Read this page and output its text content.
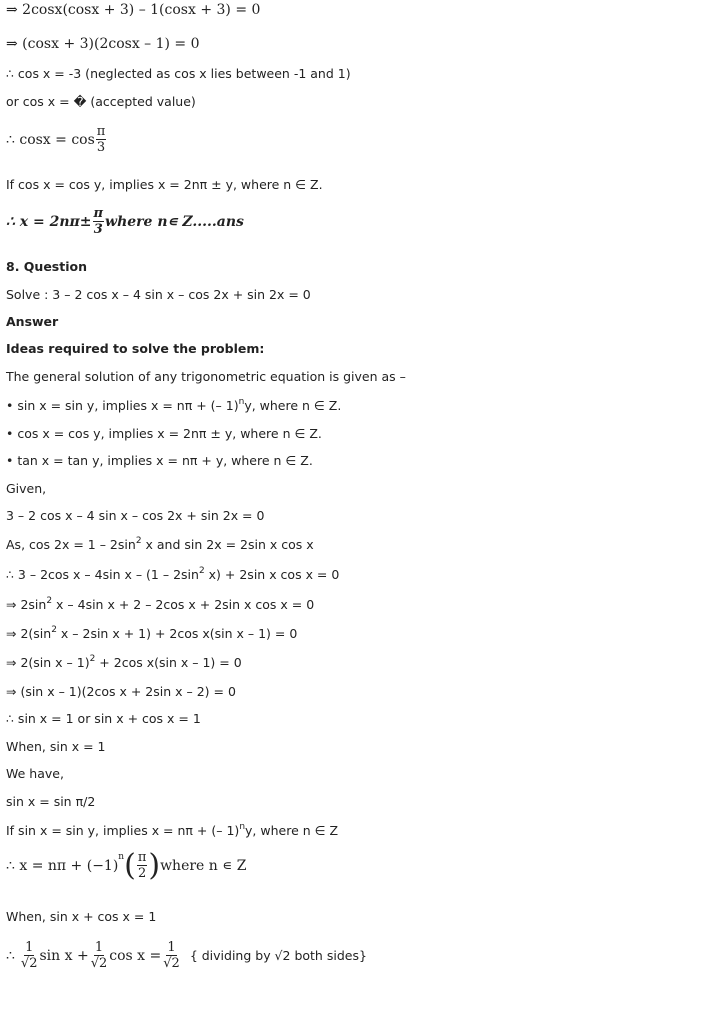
⇒ 2cosx(cosx + 3) – 1(cosx + 3) = 0
⇒ (cosx + 3)(2cosx – 1) = 0
∴ cos x = -3 (neglected as cos x lies between -1 and 1)
or cos x = � (accepted value)
∴ $\cos x = \cos \frac{\pi}{3}$
If cos x = cos y, implies x = 2nπ ± y, where n ∈ Z.
∴ $x = 2n\pi\pm \frac{\pi}{3}$ where n∊ Z.....ans
8. Question
Solve : 3 – 2 cos x – 4 sin x – cos 2x + sin 2x = 0
Answer
Ideas required to solve the problem:
The general solution of any trigonometric equation is given as –
• sin x = sin y, implies x = nπ + (– 1)$^n$y, where n ∈ Z.
• cos x = cos y, implies x = 2nπ ± y, where n ∈ Z.
• tan x = tan y, implies x = nπ + y, where n ∈ Z.
Given,
3 – 2 cos x – 4 sin x – cos 2x + sin 2x = 0
As, $\cos 2x = 1 - 2\sin^2$ x and sin 2x = 2sin x cos x
∴ 3 – 2cos x – 4sin x – ($1 - 2\sin^2$ x) + 2sin x cos x = 0
⇒ $2\sin^2$ x – 4sin x + 2 – 2cos x + 2sin x cos x = 0
⇒ $2(\sin^2$ x – 2sin x + 1) + 2cos x(sin x – 1) = 0
⇒ 2(sin x – 1)$^2$ + 2cos x(sin x – 1) = 0
⇒ (sin x – 1)(2cos x + 2sin x – 2) = 0
∴ sin x = 1 or sin x + cos x = 1
When, sin x = 1
We have,
sin x = sin π/2
If sin x = sin y, implies x = nπ + (– 1)$^n$y, where n ∈ Z
∴ x = nπ + (−1)
$^n$ ( $\frac{\pi}{2}$ ) where n ∊ Z
When, sin x + cos x = 1
∴ $\frac{1}{√2}$ $\sin x + \frac{1}{√2}$ $\cos x = \frac{1}{√2}$ { dividing by √2 both sides}
